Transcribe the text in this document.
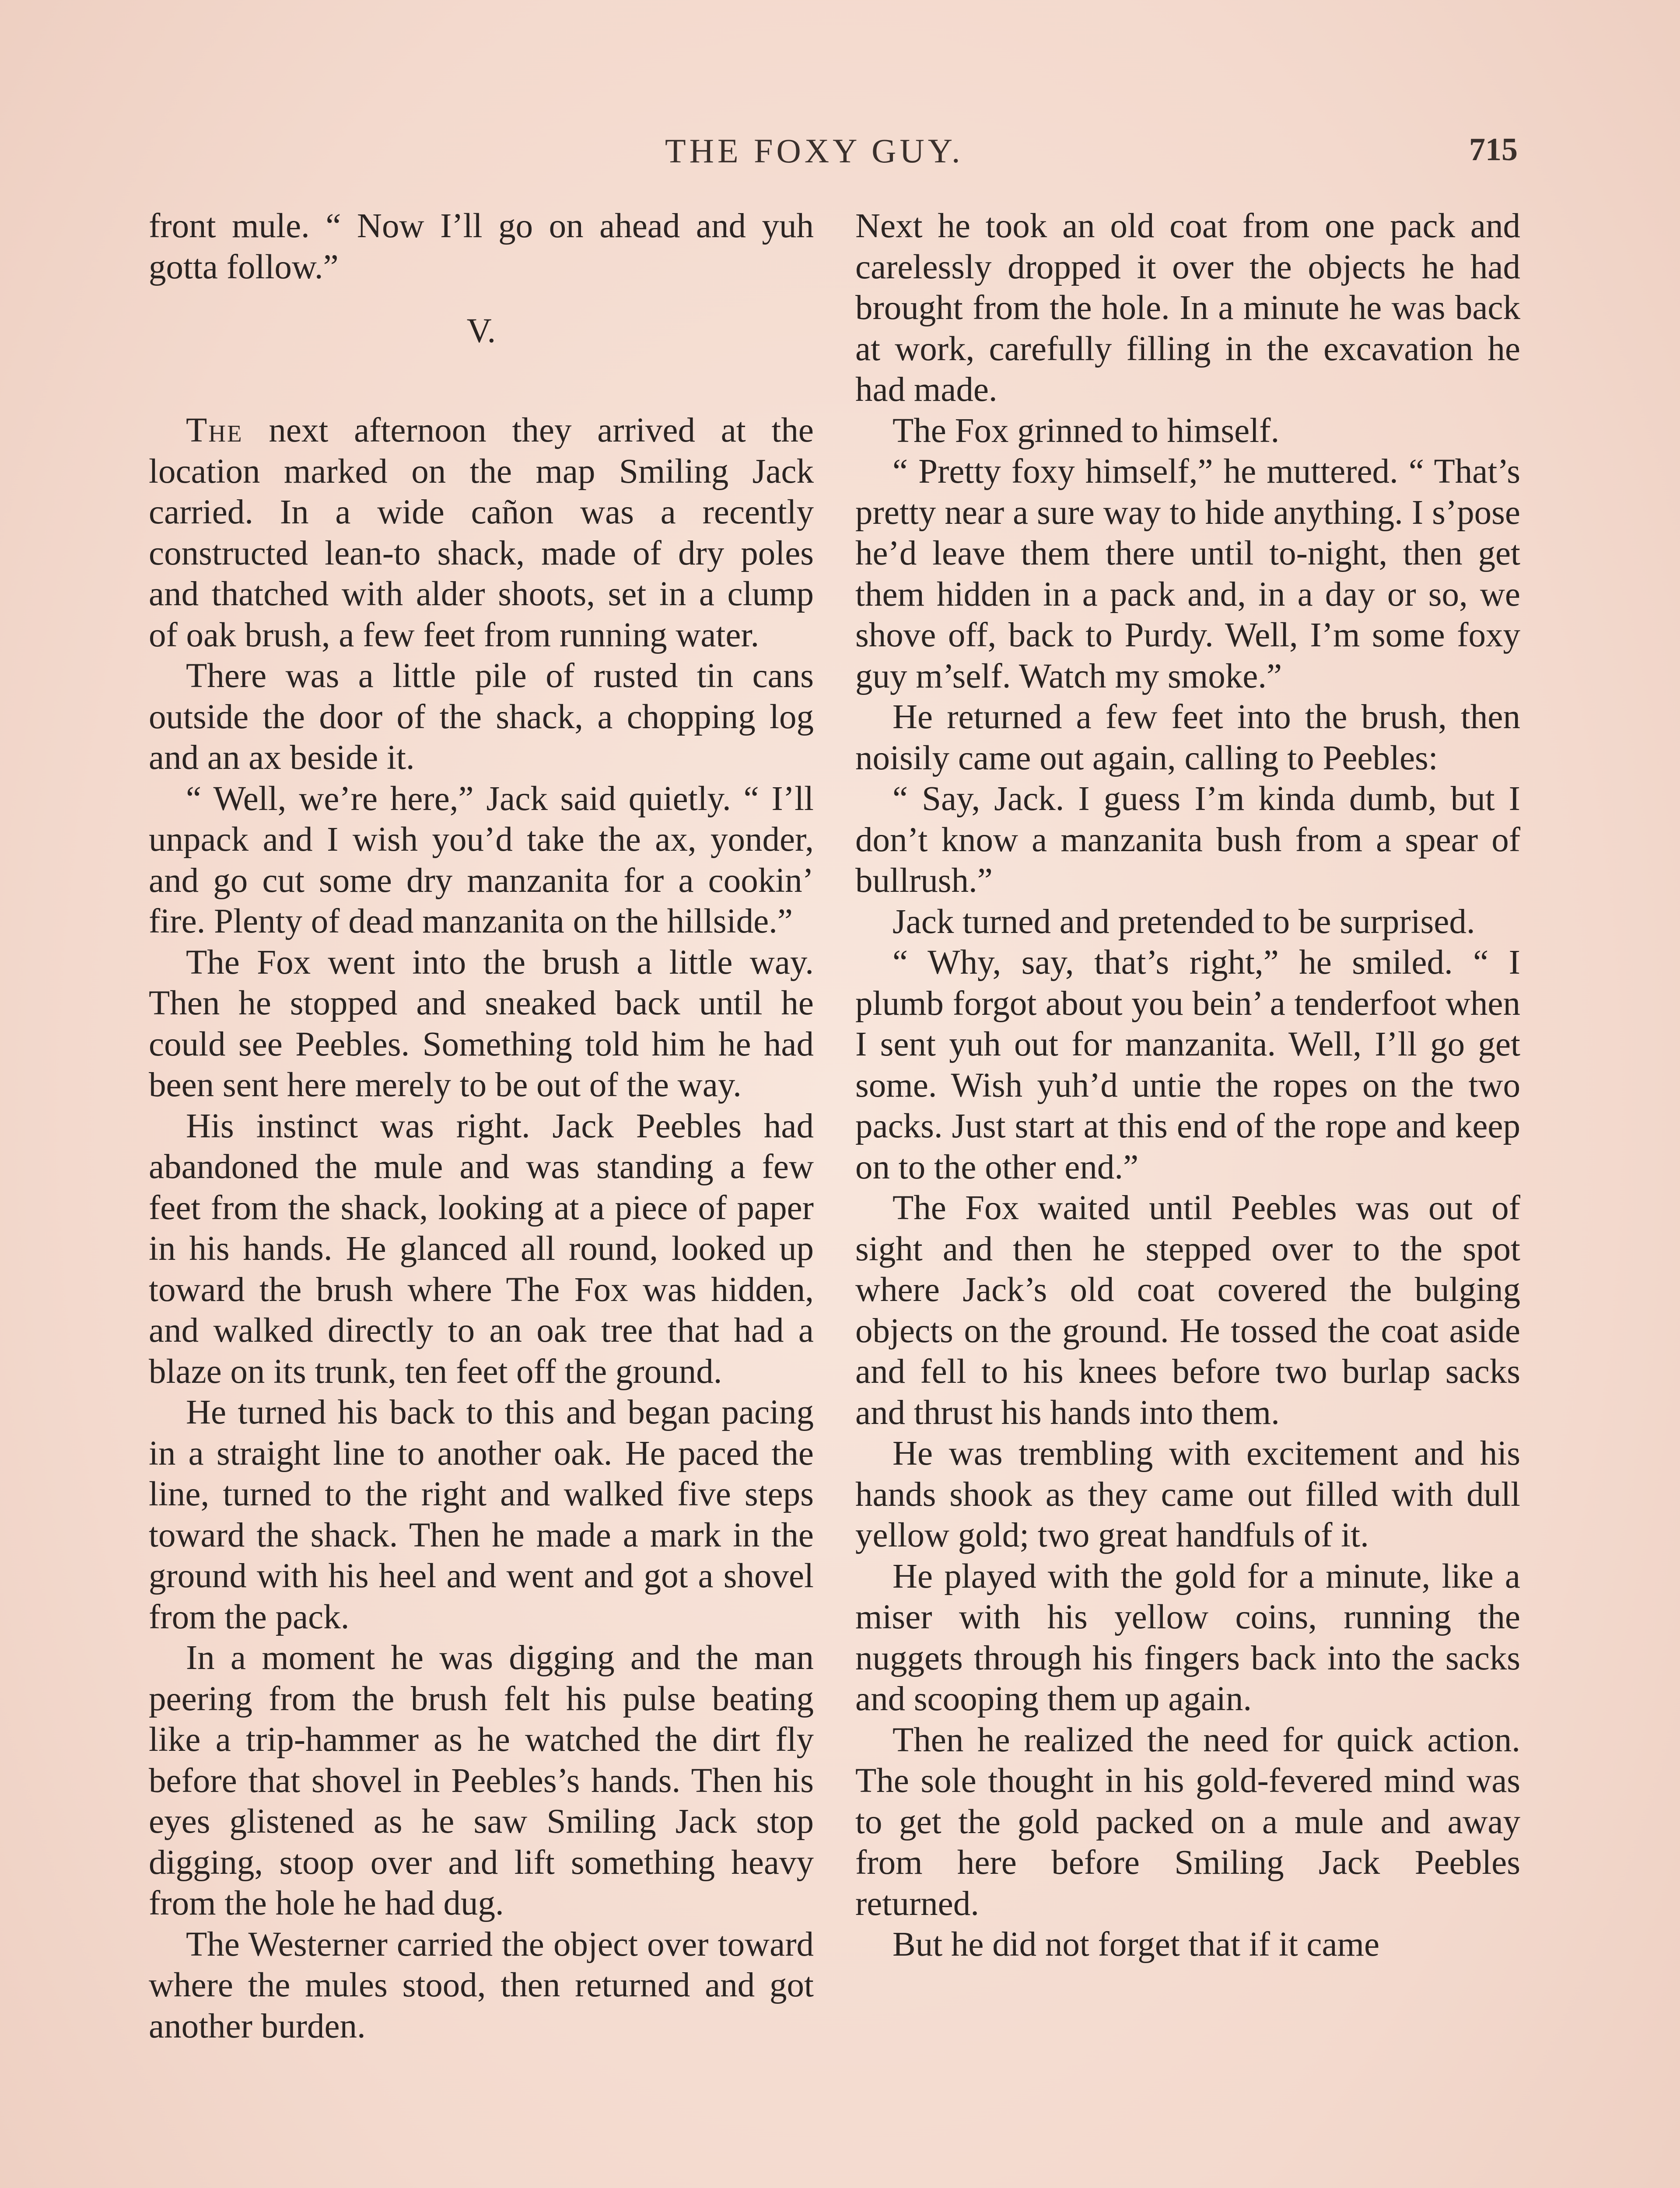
THE FOXY GUY.	715

front mule. “ Now I’ll go on ahead and yuh gotta follow.”

V.

The next afternoon they arrived at the location marked on the map Smiling Jack carried. In a wide cañon was a recently constructed lean-to shack, made of dry poles and thatched with alder shoots, set in a clump of oak brush, a few feet from running water.

There was a little pile of rusted tin cans outside the door of the shack, a chopping log and an ax beside it.

“ Well, we’re here,” Jack said quietly. “ I’ll unpack and I wish you’d take the ax, yonder, and go cut some dry manzanita for a cookin’ fire. Plenty of dead manzanita on the hillside.”

The Fox went into the brush a little way. Then he stopped and sneaked back until he could see Peebles. Something told him he had been sent here merely to be out of the way.

His instinct was right. Jack Peebles had abandoned the mule and was standing a few feet from the shack, looking at a piece of paper in his hands. He glanced all round, looked up toward the brush where The Fox was hidden, and walked directly to an oak tree that had a blaze on its trunk, ten feet off the ground.

He turned his back to this and began pacing in a straight line to another oak. He paced the line, turned to the right and walked five steps toward the shack. Then he made a mark in the ground with his heel and went and got a shovel from the pack.

In a moment he was digging and the man peering from the brush felt his pulse beating like a trip-hammer as he watched the dirt fly before that shovel in Peebles’s hands. Then his eyes glistened as he saw Smiling Jack stop digging, stoop over and lift something heavy from the hole he had dug.

The Westerner carried the object over toward where the mules stood, then returned and got another burden.

Next he took an old coat from one pack and carelessly dropped it over the objects he had brought from the hole. In a minute he was back at work, carefully filling in the excavation he had made.

The Fox grinned to himself.

“ Pretty foxy himself,” he muttered. “ That’s pretty near a sure way to hide anything. I s’pose he’d leave them there until to-night, then get them hidden in a pack and, in a day or so, we shove off, back to Purdy. Well, I’m some foxy guy m’self. Watch my smoke.”

He returned a few feet into the brush, then noisily came out again, calling to Peebles:

“ Say, Jack. I guess I’m kinda dumb, but I don’t know a manzanita bush from a spear of bullrush.”

Jack turned and pretended to be surprised.

“ Why, say, that’s right,” he smiled. “ I plumb forgot about you bein’ a tenderfoot when I sent yuh out for manzanita. Well, I’ll go get some. Wish yuh’d untie the ropes on the two packs. Just start at this end of the rope and keep on to the other end.”

The Fox waited until Peebles was out of sight and then he stepped over to the spot where Jack’s old coat covered the bulging objects on the ground. He tossed the coat aside and fell to his knees before two burlap sacks and thrust his hands into them.

He was trembling with excitement and his hands shook as they came out filled with dull yellow gold; two great handfuls of it.

He played with the gold for a minute, like a miser with his yellow coins, running the nuggets through his fingers back into the sacks and scooping them up again.

Then he realized the need for quick action. The sole thought in his gold-fevered mind was to get the gold packed on a mule and away from here before Smiling Jack Peebles returned.

But he did not forget that if it came
